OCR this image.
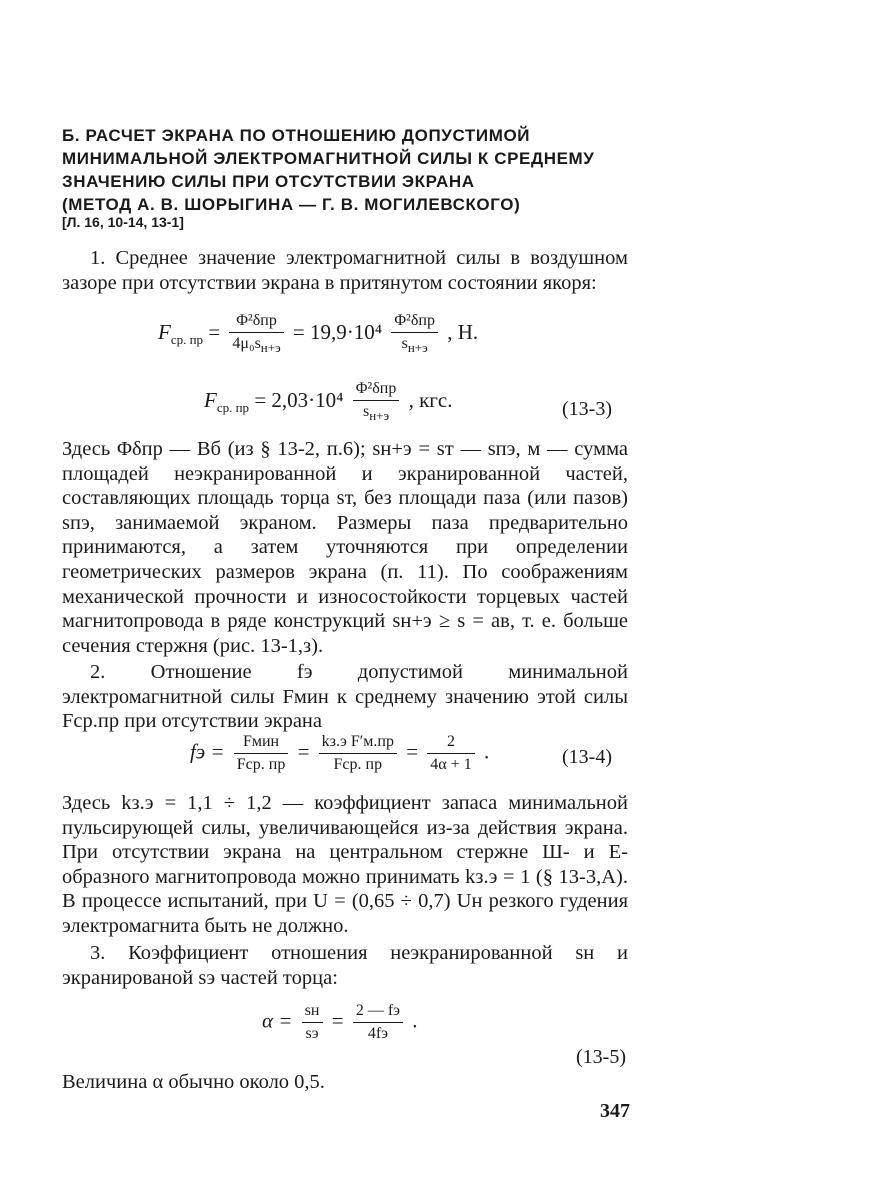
Б. РАСЧЕТ ЭКРАНА ПО ОТНОШЕНИЮ ДОПУСТИМОЙ
МИНИМАЛЬНОЙ ЭЛЕКТРОМАГНИТНОЙ СИЛЫ К СРЕДНЕМУ
ЗНАЧЕНИЮ СИЛЫ ПРИ ОТСУТСТВИИ ЭКРАНА
(МЕТОД А. В. ШОРЫГИНА — Г. В. МОГИЛЕВСКОГО)
[Л. 16, 10-14, 13-1]
1. Среднее значение электромагнитной силы в воздушном зазоре при отсутствии экрана в притянутом состоянии якоря:
$F_{ср. пр} = \frac{\text{Φ²δпр}}{4\mu_0s_{н+э}} = 19,9\cdot 10^4 \frac{\text{Φ²δпр}}{s_{н+э}}$ , Н.
$F_{ср. пр} = 2,03\cdot 10^4 \frac{\text{Φ²δпр}}{s_{н+э}}$ , кгс.	(13-3)
Здесь Φδпр — Вб (из § 13-2, п.6); sн+э = sт — sпэ, м — сумма площадей неэкранированной и экранированной частей, составляющих площадь торца sт, без площади паза (или пазов) sпэ, занимаемой экраном. Размеры паза предварительно принимаются, а затем уточняются при определении геометрических размеров экрана (п. 11). По соображениям механической прочности и износостойкости торцевых частей магнитопровода в ряде конструкций sн+э ≥ s = ав, т. е. больше сечения стержня (рис. 13-1,з).
2. Отношение fэ допустимой минимальной электромагнитной силы Fмин к среднему значению этой силы Fср.пр при отсутствии экрана
fэ = $\frac{\text{Fмин}}{\text{Fср. пр}} = \frac{\text{kз.э F′м.пр}}{\text{Fср. пр}} = \frac{2}{4\alpha + 1}$ .	(13-4)
Здесь kз.э = 1,1 ÷ 1,2 — коэффициент запаса минимальной пульсирующей силы, увеличивающейся из-за действия экрана. При отсутствии экрана на центральном стержне Ш- и Е-образного магнитопровода можно принимать kз.э = 1 (§ 13-3,А). В процессе испытаний, при U = (0,65 ÷ 0,7) Uн резкого гудения электромагнита быть не должно.
3. Коэффициент отношения неэкранированной sн и экранированой sэ частей торца:
$\alpha = \frac{sн}{sэ} = \frac{2 — fэ}{4fэ}$ .
(13-5)
Величина α обычно около 0,5.
347
